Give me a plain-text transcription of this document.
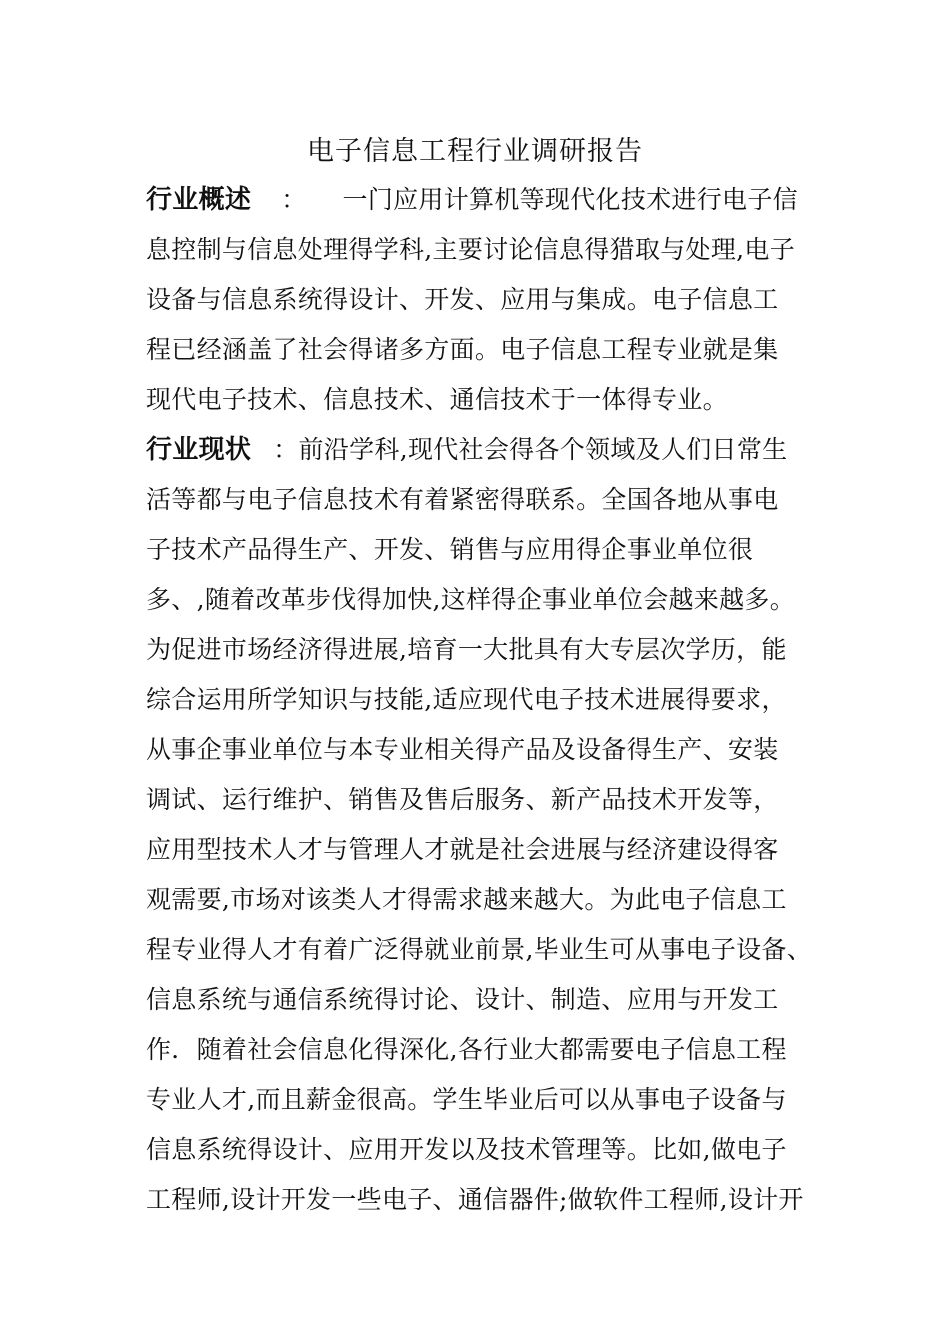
电子信息工程行业调研报告
行业概述 ： 一门应用计算机等现代化技术进行电子信
息控制与信息处理得学科,主要讨论信息得猎取与处理,电子
设备与信息系统得设计、开发、应用与集成。电子信息工
程已经涵盖了社会得诸多方面。电子信息工程专业就是集
现代电子技术、信息技术、通信技术于一体得专业。
行业现状 ：前沿学科,现代社会得各个领域及人们日常生
活等都与电子信息技术有着紧密得联系。全国各地从事电
子技术产品得生产、开发、销售与应用得企事业单位很
多、,随着改革步伐得加快,这样得企事业单位会越来越多。
为促进市场经济得进展,培育一大批具有大专层次学历，能
综合运用所学知识与技能,适应现代电子技术进展得要求，
从事企事业单位与本专业相关得产品及设备得生产、安装
调试、运行维护、销售及售后服务、新产品技术开发等，
应用型技术人才与管理人才就是社会进展与经济建设得客
观需要,市场对该类人才得需求越来越大。为此电子信息工
程专业得人才有着广泛得就业前景,毕业生可从事电子设备、
信息系统与通信系统得讨论、设计、制造、应用与开发工
作．随着社会信息化得深化,各行业大都需要电子信息工程
专业人才,而且薪金很高。学生毕业后可以从事电子设备与
信息系统得设计、应用开发以及技术管理等。比如,做电子
工程师,设计开发一些电子、通信器件;做软件工程师,设计开
